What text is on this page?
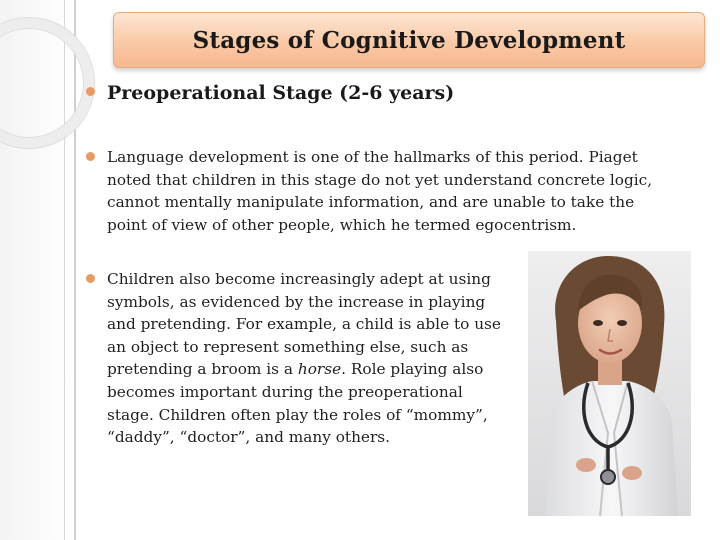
Stages of Cognitive Development
Preoperational Stage (2-6 years)
Language development is one of the hallmarks of this period. Piaget noted that children in this stage do not yet understand concrete logic, cannot mentally manipulate information, and are unable to take the point of view of other people, which he termed egocentrism.
Children also become increasingly adept at using symbols, as evidenced by the increase in playing and pretending. For example, a child is able to use an object to represent something else, such as pretending a broom is a horse. Role playing also becomes important during the preoperational stage. Children often play the roles of “mommy”, “daddy”, “doctor”, and many others.
